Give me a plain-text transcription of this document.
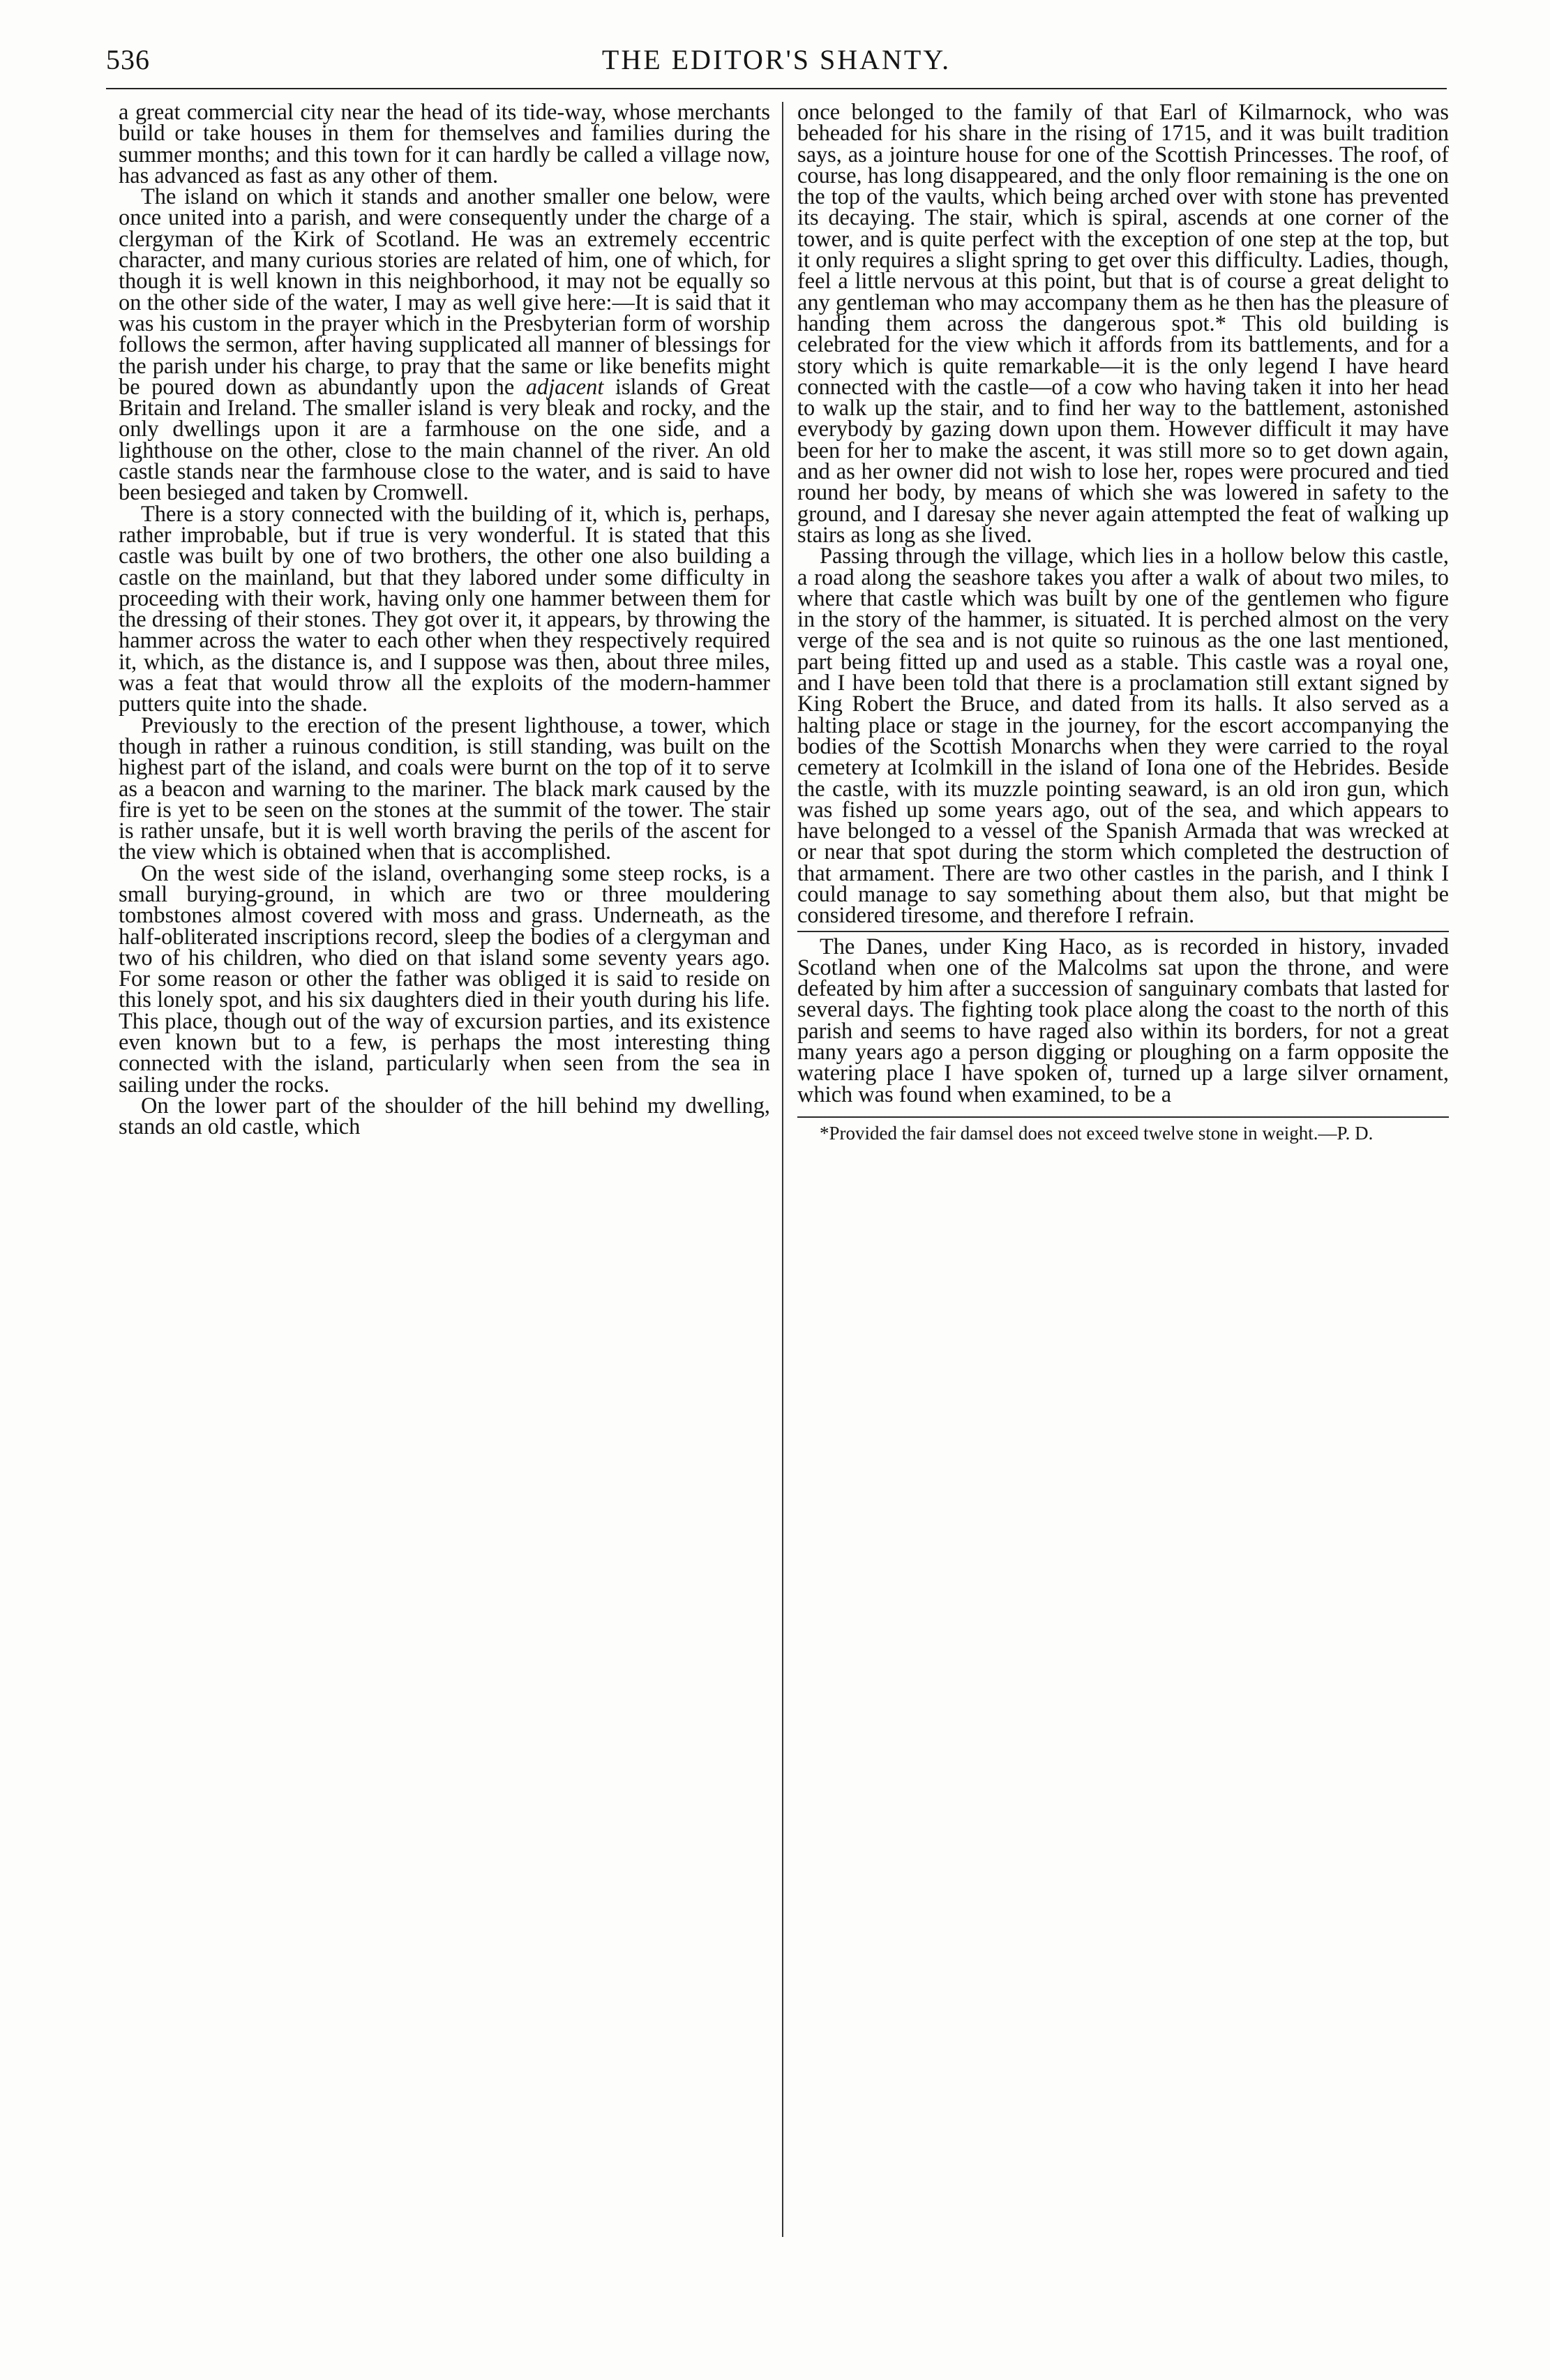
536	THE EDITOR'S SHANTY.

a great commercial city near the head of its tide-way, whose merchants build or take houses in them for themselves and families during the summer months; and this town for it can hardly be called a village now, has advanced as fast as any other of them.

The island on which it stands and another smaller one below, were once united into a parish, and were consequently under the charge of a clergyman of the Kirk of Scotland. He was an extremely eccentric character, and many curious stories are related of him, one of which, for though it is well known in this neighborhood, it may not be equally so on the other side of the water, I may as well give here:—It is said that it was his custom in the prayer which in the Presbyterian form of worship follows the sermon, after having supplicated all manner of blessings for the parish under his charge, to pray that the same or like benefits might be poured down as abundantly upon the adjacent islands of Great Britain and Ireland. The smaller island is very bleak and rocky, and the only dwellings upon it are a farmhouse on the one side, and a lighthouse on the other, close to the main channel of the river. An old castle stands near the farmhouse close to the water, and is said to have been besieged and taken by Cromwell.

There is a story connected with the building of it, which is, perhaps, rather improbable, but if true is very wonderful. It is stated that this castle was built by one of two brothers, the other one also building a castle on the mainland, but that they labored under some difficulty in proceeding with their work, having only one hammer between them for the dressing of their stones. They got over it, it appears, by throwing the hammer across the water to each other when they respectively required it, which, as the distance is, and I suppose was then, about three miles, was a feat that would throw all the exploits of the modern-hammer putters quite into the shade.

Previously to the erection of the present lighthouse, a tower, which though in rather a ruinous condition, is still standing, was built on the highest part of the island, and coals were burnt on the top of it to serve as a beacon and warning to the mariner. The black mark caused by the fire is yet to be seen on the stones at the summit of the tower. The stair is rather unsafe, but it is well worth braving the perils of the ascent for the view which is obtained when that is accomplished.

On the west side of the island, overhanging some steep rocks, is a small burying-ground, in which are two or three mouldering tombstones almost covered with moss and grass. Underneath, as the half-obliterated inscriptions record, sleep the bodies of a clergyman and two of his children, who died on that island some seventy years ago. For some reason or other the father was obliged it is said to reside on this lonely spot, and his six daughters died in their youth during his life. This place, though out of the way of excursion parties, and its existence even known but to a few, is perhaps the most interesting thing connected with the island, particularly when seen from the sea in sailing under the rocks.

On the lower part of the shoulder of the hill behind my dwelling, stands an old castle, which

once belonged to the family of that Earl of Kilmarnock, who was beheaded for his share in the rising of 1715, and it was built tradition says, as a jointure house for one of the Scottish Princesses. The roof, of course, has long disappeared, and the only floor remaining is the one on the top of the vaults, which being arched over with stone has prevented its decaying. The stair, which is spiral, ascends at one corner of the tower, and is quite perfect with the exception of one step at the top, but it only requires a slight spring to get over this difficulty. Ladies, though, feel a little nervous at this point, but that is of course a great delight to any gentleman who may accompany them as he then has the pleasure of handing them across the dangerous spot.* This old building is celebrated for the view which it affords from its battlements, and for a story which is quite remarkable—it is the only legend I have heard connected with the castle—of a cow who having taken it into her head to walk up the stair, and to find her way to the battlement, astonished everybody by gazing down upon them. However difficult it may have been for her to make the ascent, it was still more so to get down again, and as her owner did not wish to lose her, ropes were procured and tied round her body, by means of which she was lowered in safety to the ground, and I daresay she never again attempted the feat of walking up stairs as long as she lived.

Passing through the village, which lies in a hollow below this castle, a road along the seashore takes you after a walk of about two miles, to where that castle which was built by one of the gentlemen who figure in the story of the hammer, is situated. It is perched almost on the very verge of the sea and is not quite so ruinous as the one last mentioned, part being fitted up and used as a stable. This castle was a royal one, and I have been told that there is a proclamation still extant signed by King Robert the Bruce, and dated from its halls. It also served as a halting place or stage in the journey, for the escort accompanying the bodies of the Scottish Monarchs when they were carried to the royal cemetery at Icolmkill in the island of Iona one of the Hebrides. Beside the castle, with its muzzle pointing seaward, is an old iron gun, which was fished up some years ago, out of the sea, and which appears to have belonged to a vessel of the Spanish Armada that was wrecked at or near that spot during the storm which completed the destruction of that armament. There are two other castles in the parish, and I think I could manage to say something about them also, but that might be considered tiresome, and therefore I refrain.

The Danes, under King Haco, as is recorded in history, invaded Scotland when one of the Malcolms sat upon the throne, and were defeated by him after a succession of sanguinary combats that lasted for several days. The fighting took place along the coast to the north of this parish and seems to have raged also within its borders, for not a great many years ago a person digging or ploughing on a farm opposite the watering place I have spoken of, turned up a large silver ornament, which was found when examined, to be a

*Provided the fair damsel does not exceed twelve stone in weight.—P. D.
